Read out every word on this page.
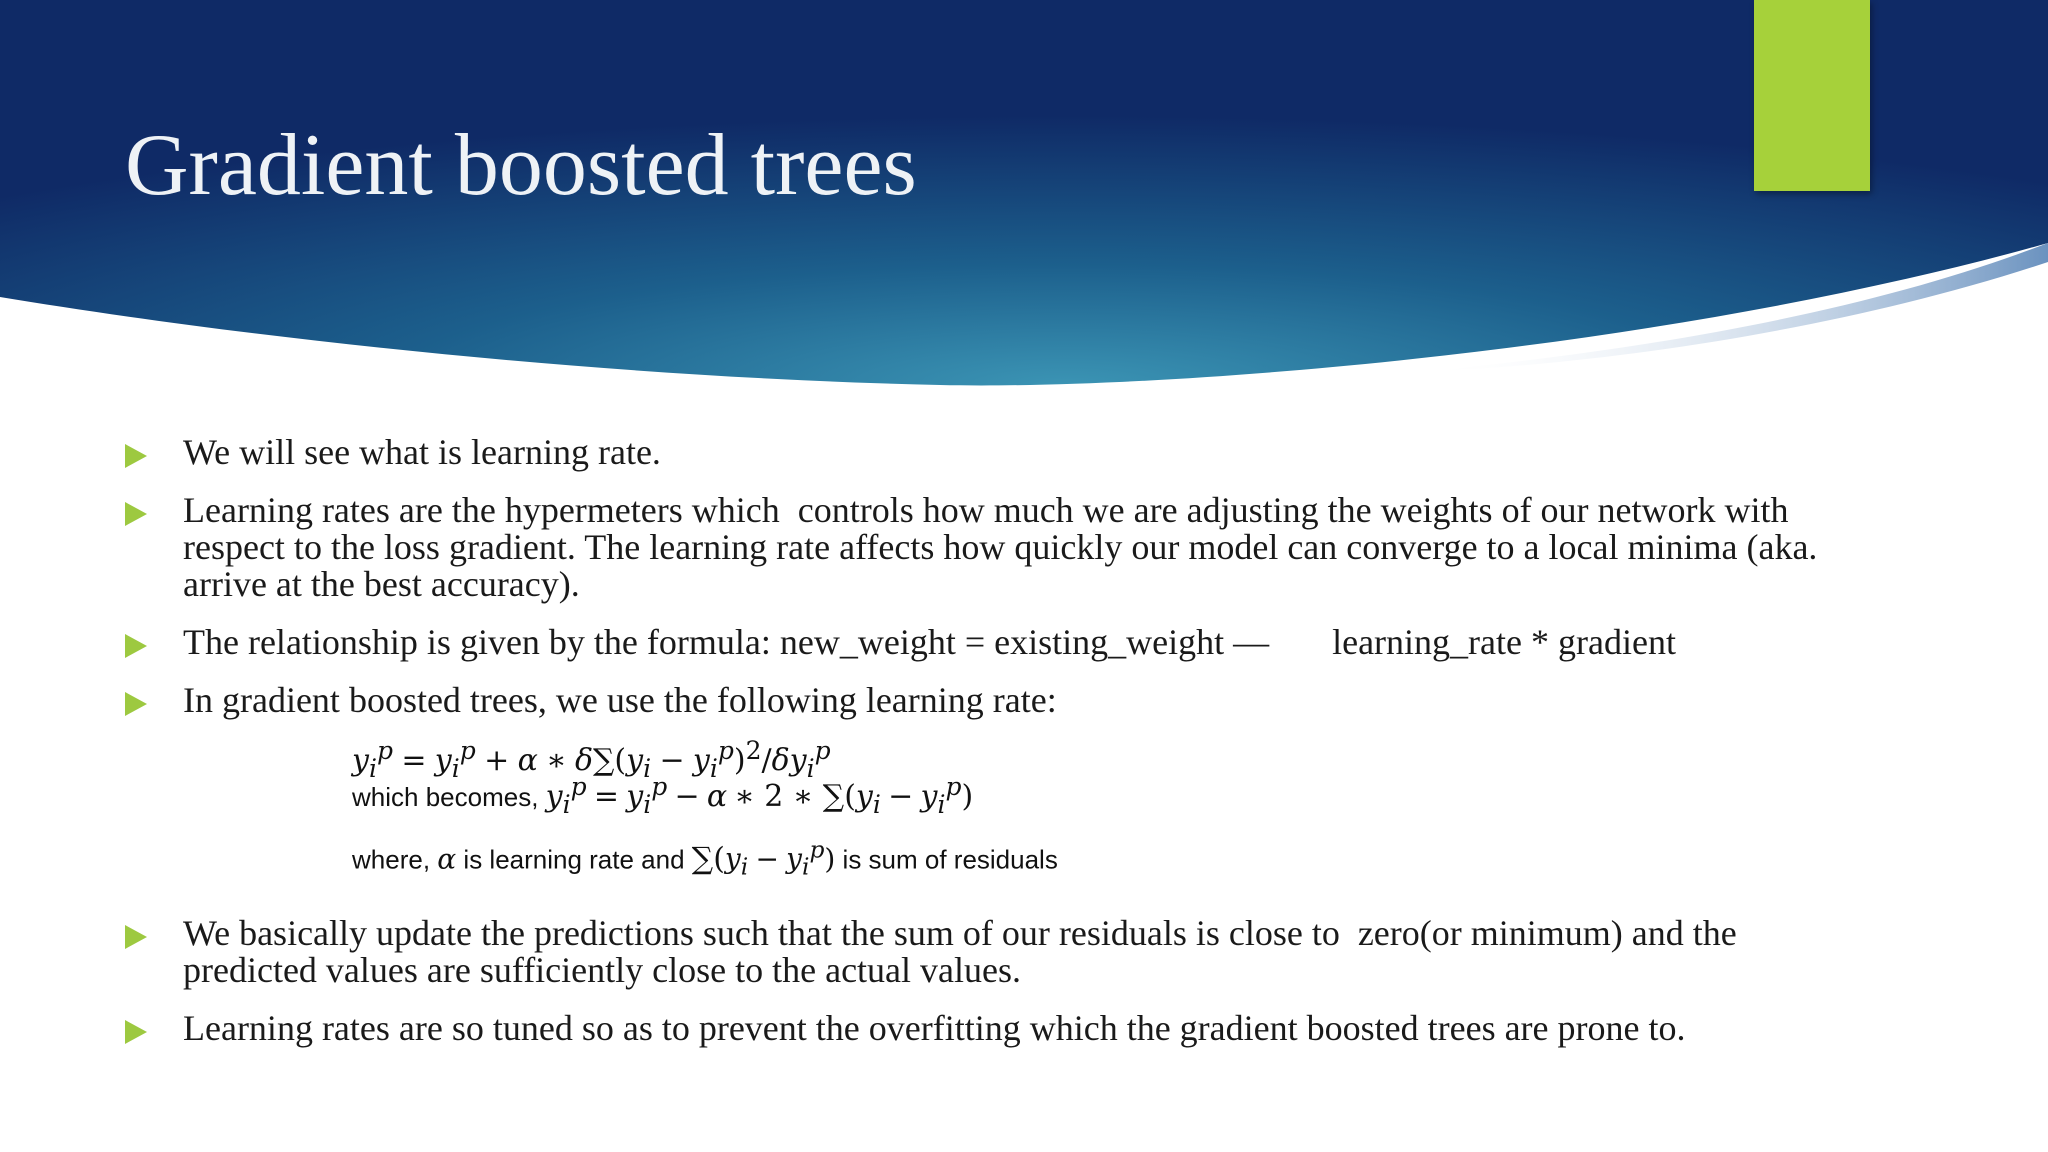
Gradient boosted trees
We will see what is learning rate.
Learning rates are the hypermeters which  controls how much we are adjusting the weights of our network with
respect to the loss gradient. The learning rate affects how quickly our model can converge to a local minima (aka.
arrive at the best accuracy).
The relationship is given by the formula: new_weight = existing_weight —       learning_rate * gradient
In gradient boosted trees, we use the following learning rate:
We basically update the predictions such that the sum of our residuals is close to  zero(or minimum) and the
predicted values are sufficiently close to the actual values.
Learning rates are so tuned so as to prevent the overfitting which the gradient boosted trees are prone to.
$y_i^p = y_i^p + \alpha$ ∗ $\delta\sum(y_i - y_i^p)^2/\delta y_i^p$
which becomes, $y_i^p = y_i^p - \alpha$ ∗ 2 ∗ $\sum(y_i - y_i^p)$
where, α is learning rate and $\sum(y_i - y_i^p)$ is sum of residuals
